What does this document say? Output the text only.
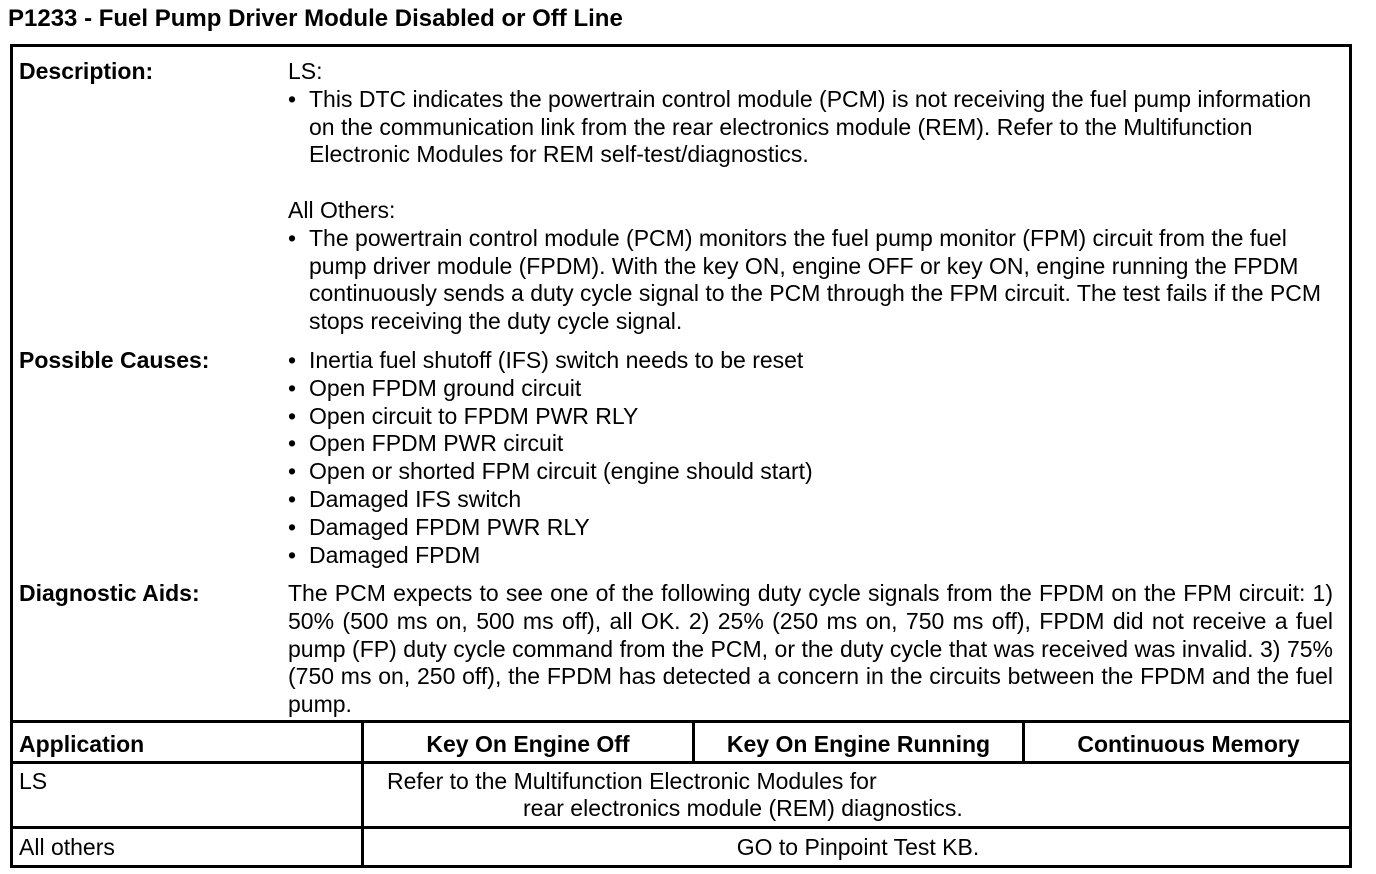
P1233 - Fuel Pump Driver Module Disabled or Off Line
Description:	LS:
• This DTC indicates the powertrain control module (PCM) is not receiving the fuel pump information on the communication link from the rear electronics module (REM). Refer to the Multifunction Electronic Modules for REM self-test/diagnostics.
All Others:
• The powertrain control module (PCM) monitors the fuel pump monitor (FPM) circuit from the fuel pump driver module (FPDM). With the key ON, engine OFF or key ON, engine running the FPDM continuously sends a duty cycle signal to the PCM through the FPM circuit. The test fails if the PCM stops receiving the duty cycle signal.
Possible Causes:
•	Inertia fuel shutoff (IFS) switch needs to be reset
• Open FPDM ground circuit
• Open circuit to FPDM PWR RLY
• Open FPDM PWR circuit
• Open or shorted FPM circuit (engine should start)
• Damaged IFS switch
• Damaged FPDM PWR RLY
• Damaged FPDM
Diagnostic Aids:	The PCM expects to see one of the following duty cycle signals from the FPDM on the FPM circuit: 1) 50% (500 ms on, 500 ms off), all OK. 2) 25% (250 ms on, 750 ms off), FPDM did not receive a fuel pump (FP) duty cycle command from the PCM, or the duty cycle that was received was invalid. 3) 75% (750 ms on, 250 off), the FPDM has detected a concern in the circuits between the FPDM and the fuel pump.
Application	Key On Engine Off	Key On Engine Running	Continuous Memory
LS	Refer to the Multifunction Electronic Modules for
rear electronics module (REM) diagnostics.
All others	GO to Pinpoint Test KB.
